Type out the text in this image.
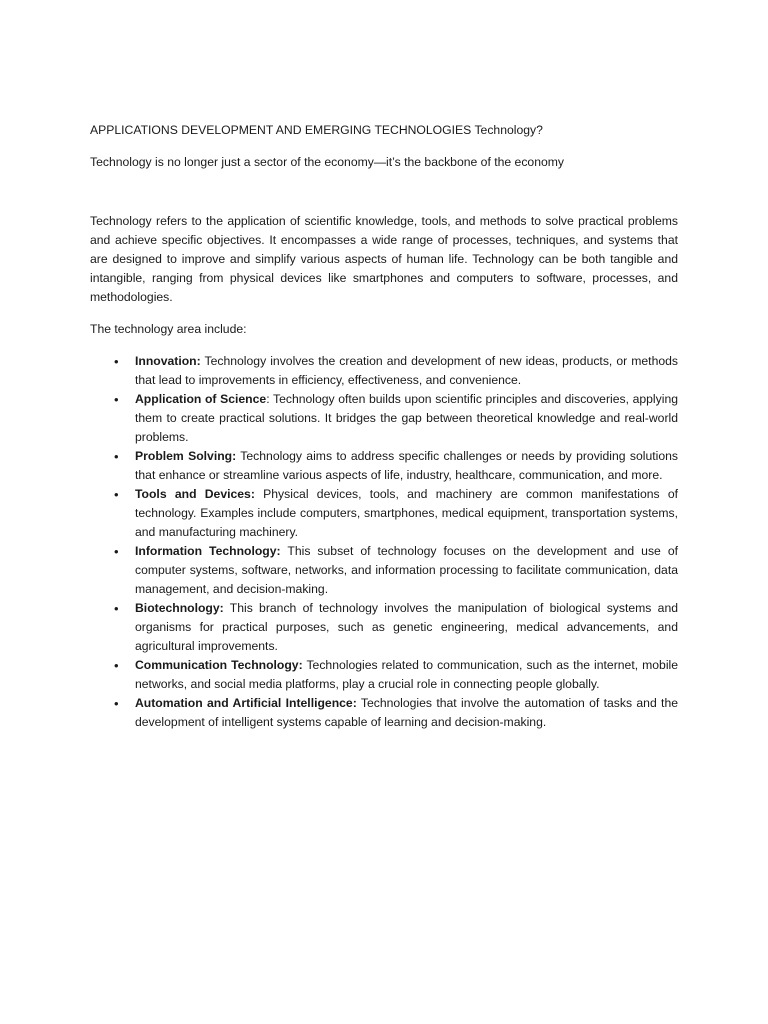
APPLICATIONS DEVELOPMENT AND EMERGING TECHNOLOGIES Technology?

Technology is no longer just a sector of the economy—it’s the backbone of the economy

Technology refers to the application of scientific knowledge, tools, and methods to solve practical problems and achieve specific objectives. It encompasses a wide range of processes, techniques, and systems that are designed to improve and simplify various aspects of human life. Technology can be both tangible and intangible, ranging from physical devices like smartphones and computers to software, processes, and methodologies.

The technology area include:

• Innovation: Technology involves the creation and development of new ideas, products, or methods that lead to improvements in efficiency, effectiveness, and convenience.
• Application of Science: Technology often builds upon scientific principles and discoveries, applying them to create practical solutions. It bridges the gap between theoretical knowledge and real-world problems.
• Problem Solving: Technology aims to address specific challenges or needs by providing solutions that enhance or streamline various aspects of life, industry, healthcare, communication, and more.
• Tools and Devices: Physical devices, tools, and machinery are common manifestations of technology. Examples include computers, smartphones, medical equipment, transportation systems, and manufacturing machinery.
• Information Technology: This subset of technology focuses on the development and use of computer systems, software, networks, and information processing to facilitate communication, data management, and decision-making.
• Biotechnology: This branch of technology involves the manipulation of biological systems and organisms for practical purposes, such as genetic engineering, medical advancements, and agricultural improvements.
• Communication Technology: Technologies related to communication, such as the internet, mobile networks, and social media platforms, play a crucial role in connecting people globally.
• Automation and Artificial Intelligence: Technologies that involve the automation of tasks and the development of intelligent systems capable of learning and decision-making.
